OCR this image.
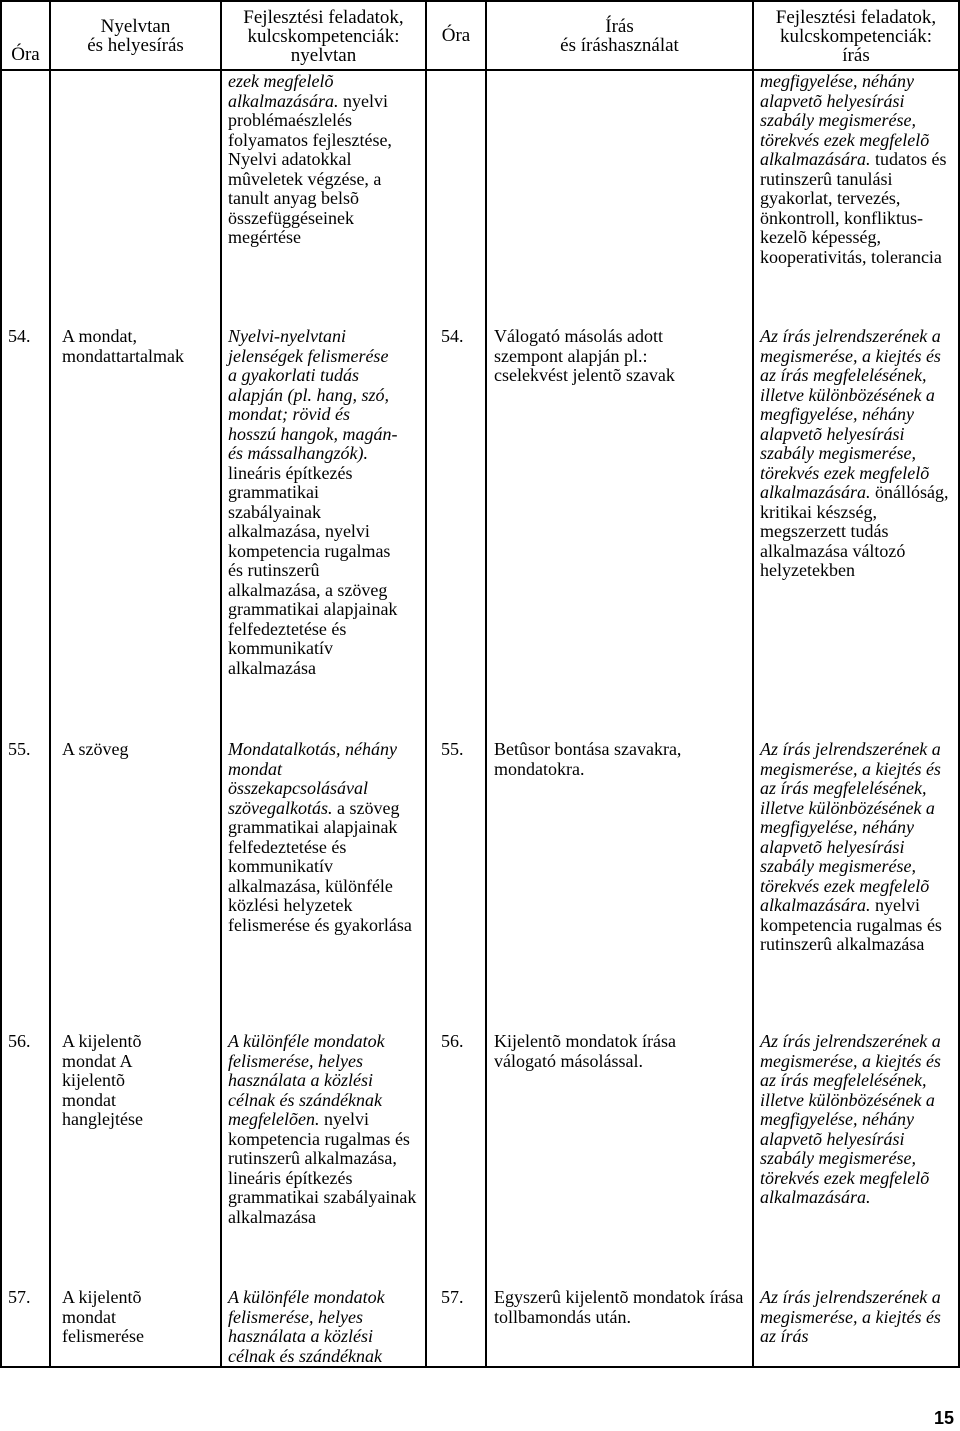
Óra
Nyelvtan
és helyesírás
Fejlesztési feladatok,
kulcskompetenciák:
nyelvtan
Óra	Írás
és íráshasználat
Fejlesztési feladatok,
kulcskompetenciák:
írás
ezek megfelelõ alkalmazására. nyelvi problémaészlelés folyamatos fejlesztése, Nyelvi adatokkal mûveletek végzése, a tanult anyag belsõ összefüggéseinek megértése
54. A mondat, mondattartalmak
Nyelvi-nyelvtani jelenségek felismerése a gyakorlati tudás alapján (pl. hang, szó, mondat; rövid és hosszú hangok, magán- és mássalhangzók). lineáris építkezés grammatikai szabályainak alkalmazása, nyelvi kompetencia rugalmas és rutinszerû alkalmazása, a szöveg grammatikai alapjainak felfedeztetése és kommunikatív alkalmazása
55. A szöveg	Mondatalkotás, néhány mondat összekapcsolásával szövegalkotás. a szöveg grammatikai alapjainak felfedeztetése és kommunikatív alkalmazása, különféle közlési helyzetek felismerése és gyakorlása
56. A kijelentõ mondat A kijelentõ mondat hanglejtése
A különféle mondatok felismerése, helyes használata a közlési célnak és szándéknak megfelelõen. nyelvi kompetencia rugalmas és rutinszerû alkalmazása, lineáris építkezés grammatikai szabályainak alkalmazása
57. A kijelentõ mondat felismerése
A különféle mondatok felismerése, helyes használata a közlési célnak és szándéknak
megfigyelése, néhány alapvetõ helyesírási szabály megismerése, törekvés ezek megfelelõ alkalmazására. tudatos és rutinszerû tanulási gyakorlat, tervezés, önkontroll, konfliktus-kezelõ képesség, kooperativitás, tolerancia
54. Válogató másolás adott szempont alapján pl.: cselekvést jelentõ szavak
Az írás jelrendszerének a megismerése, a kiejtés és az írás megfelelésének, illetve különbözésének a megfigyelése, néhány alapvetõ helyesírási szabály megismerése, törekvés ezek megfelelõ alkalmazására. önállóság, kritikai készség, megszerzett tudás alkalmazása változó helyzetekben
55. Betûsor bontása szavakra, mondatokra.
Az írás jelrendszerének a megismerése, a kiejtés és az írás megfelelésének, illetve különbözésének a megfigyelése, néhány alapvetõ helyesírási szabály megismerése, törekvés ezek megfelelõ alkalmazására. nyelvi kompetencia rugalmas és rutinszerû alkalmazása
56. Kijelentõ mondatok írása válogató másolással.
Az írás jelrendszerének a megismerése, a kiejtés és az írás megfelelésének, illetve különbözésének a megfigyelése, néhány alapvetõ helyesírási szabály megismerése, törekvés ezek megfelelõ alkalmazására.
57. Egyszerû kijelentõ mondatok írása tollbamondás után.
Az írás jelrendszerének a megismerése, a kiejtés és az írás
15
